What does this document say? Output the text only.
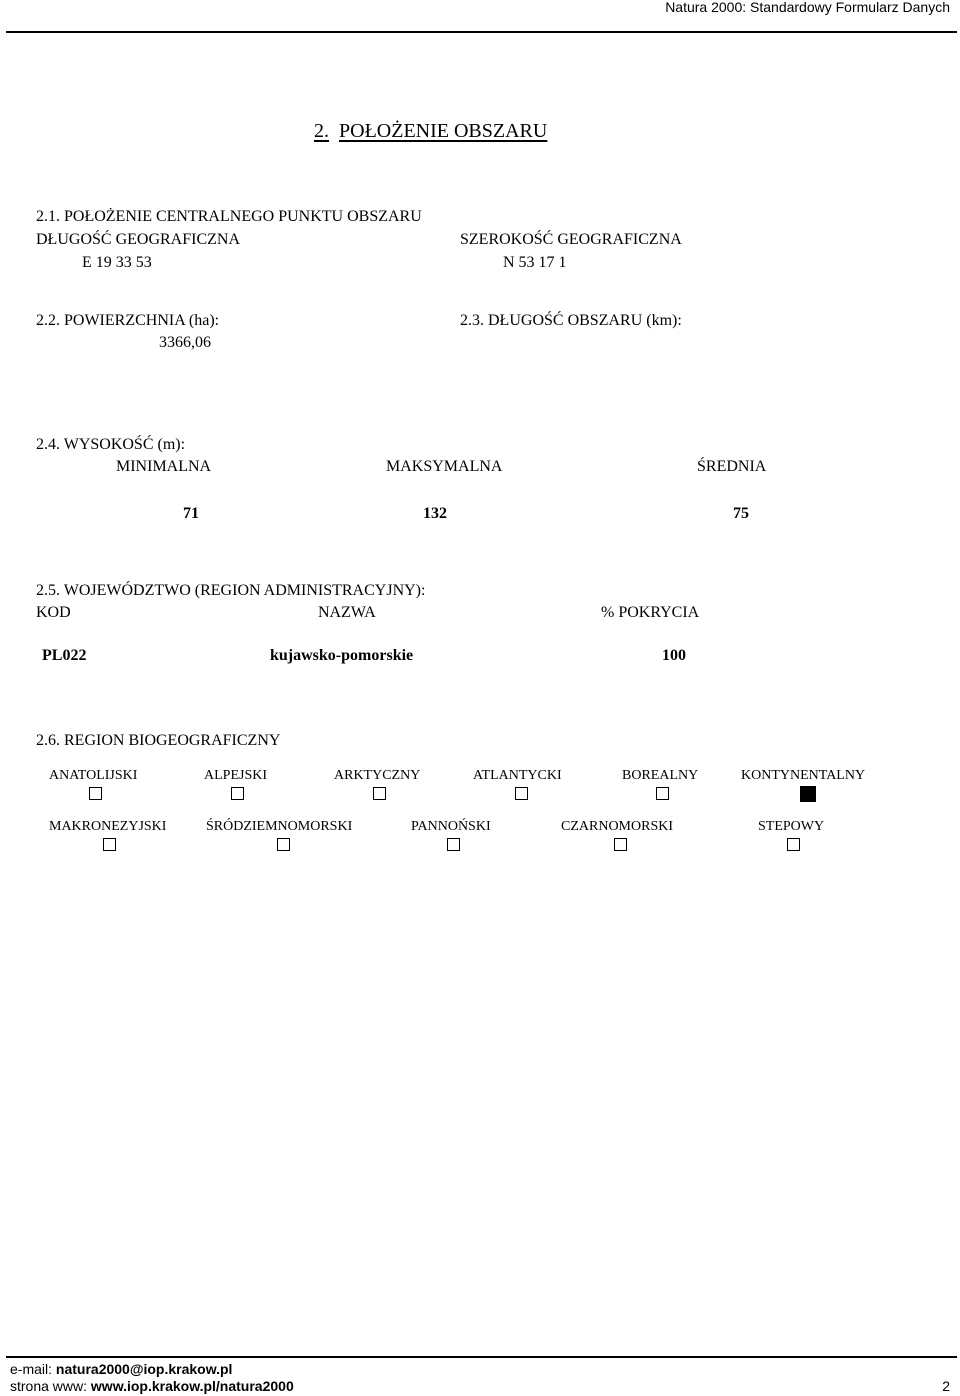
Natura 2000: Standardowy Formularz Danych
2. POŁOŻENIE OBSZARU
2.1. POŁOŻENIE CENTRALNEGO PUNKTU OBSZARU
DŁUGOŚĆ GEOGRAFICZNA	SZEROKOŚĆ GEOGRAFICZNA
E 19 33 53	N 53 17 1
2.2. POWIERZCHNIA (ha):
3366,06
2.3. DŁUGOŚĆ OBSZARU (km):
2.4. WYSOKOŚĆ (m):
MINIMALNA	MAKSYMALNA	ŚREDNIA
71	132	75
2.5. WOJEWÓDZTWO (REGION ADMINISTRACYJNY):
KOD	NAZWA	% POKRYCIA
PL022	kujawsko-pomorskie	100
2.6. REGION BIOGEOGRAFICZNY
ANATOLIJSKI	ALPEJSKI	ARKTYCZNY	ATLANTYCKI	BOREALNY	KONTYNENTALNY
MAKRONEZYJSKI	ŚRÓDZIEMNOMORSKI	PANNOŃSKI	CZARNOMORSKI	STEPOWY
e-mail: natura2000@iop.krakow.pl
strona www: www.iop.krakow.pl/natura2000	2
